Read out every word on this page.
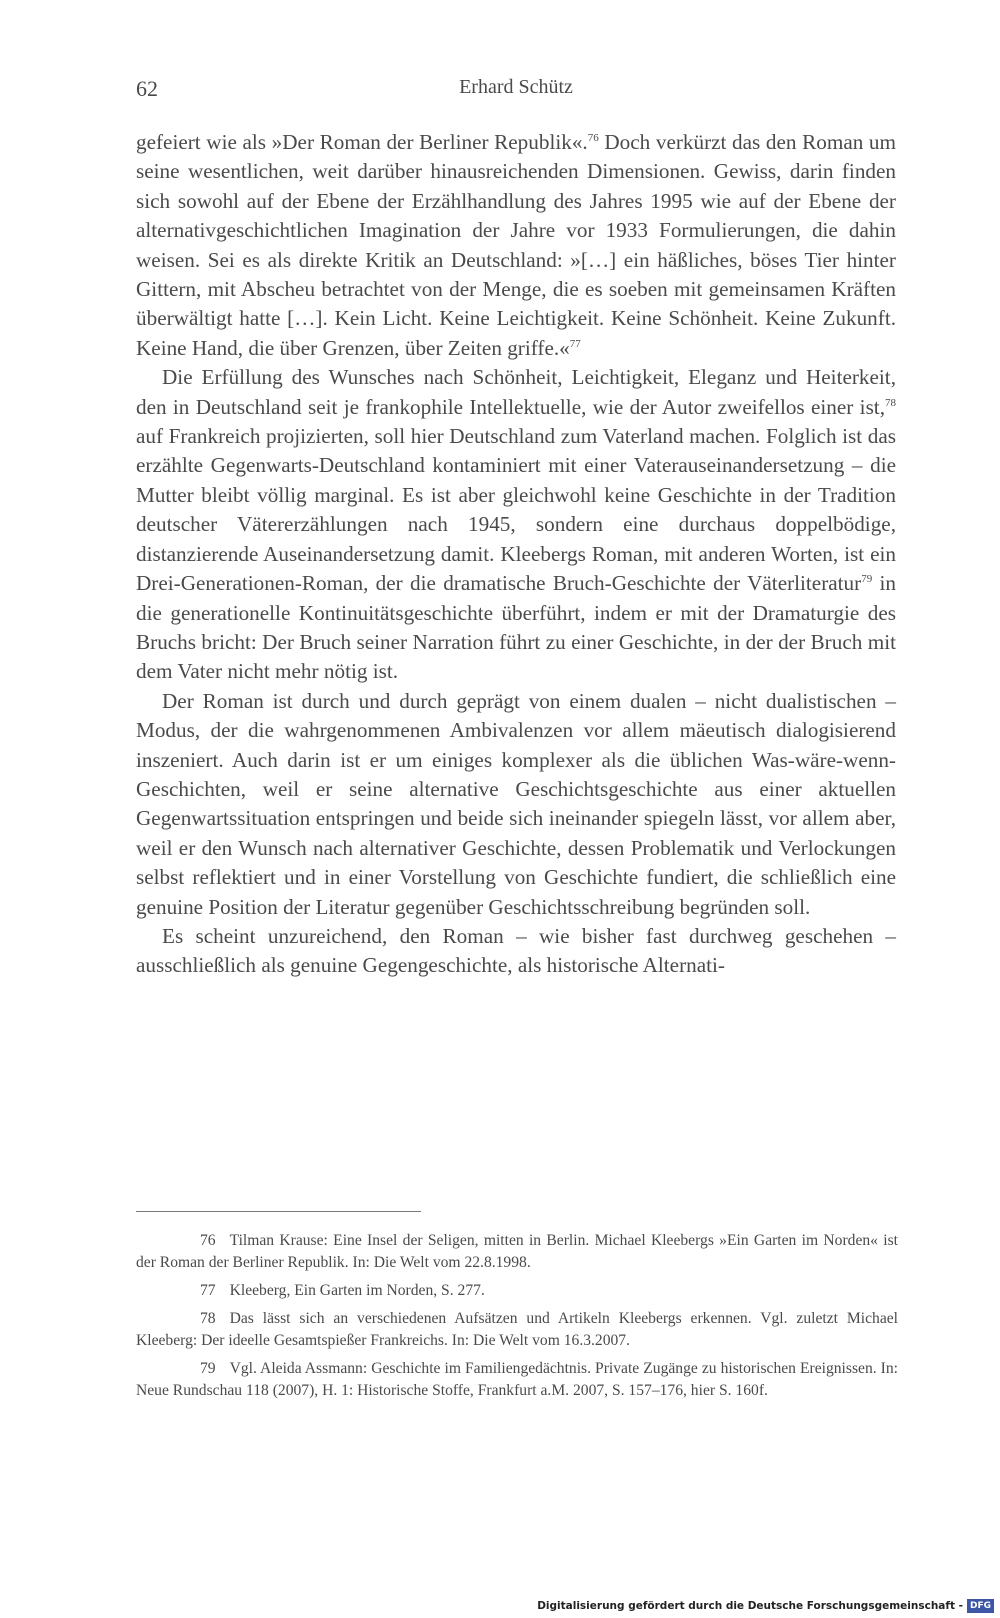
62	Erhard Schütz

gefeiert wie als »Der Roman der Berliner Republik«.$^{76}$ Doch verkürzt das den Roman um seine wesentlichen, weit darüber hinausreichenden Dimensionen. Gewiss, darin finden sich sowohl auf der Ebene der Erzählhandlung des Jahres 1995 wie auf der Ebene der alternativgeschichtlichen Imagination der Jahre vor 1933 Formulierungen, die dahin weisen. Sei es als direkte Kritik an Deutschland: »[…] ein häßliches, böses Tier hinter Gittern, mit Abscheu betrachtet von der Menge, die es soeben mit gemeinsamen Kräften überwältigt hatte […]. Kein Licht. Keine Leichtigkeit. Keine Schönheit. Keine Zukunft. Keine Hand, die über Grenzen, über Zeiten griffe.«$^{77}$

Die Erfüllung des Wunsches nach Schönheit, Leichtigkeit, Eleganz und Heiterkeit, den in Deutschland seit je frankophile Intellektuelle, wie der Autor zweifellos einer ist,$^{78}$ auf Frankreich projizierten, soll hier Deutschland zum Vaterland machen. Folglich ist das erzählte Gegenwarts-Deutschland kontaminiert mit einer Vaterauseinandersetzung – die Mutter bleibt völlig marginal. Es ist aber gleichwohl keine Geschichte in der Tradition deutscher Vätererzählungen nach 1945, sondern eine durchaus doppelbödige, distanzierende Auseinandersetzung damit. Kleebergs Roman, mit anderen Worten, ist ein Drei-Generationen-Roman, der die dramatische Bruch-Geschichte der Väterliteratur$^{79}$ in die generationelle Kontinuitätsgeschichte überführt, indem er mit der Dramaturgie des Bruchs bricht: Der Bruch seiner Narration führt zu einer Geschichte, in der der Bruch mit dem Vater nicht mehr nötig ist.

Der Roman ist durch und durch geprägt von einem dualen – nicht dualistischen – Modus, der die wahrgenommenen Ambivalenzen vor allem mäeutisch dialogisierend inszeniert. Auch darin ist er um einiges komplexer als die üblichen Was-wäre-wenn-Geschichten, weil er seine alternative Geschichtsgeschichte aus einer aktuellen Gegenwartssituation entspringen und beide sich ineinander spiegeln lässt, vor allem aber, weil er den Wunsch nach alternativer Geschichte, dessen Problematik und Verlockungen selbst reflektiert und in einer Vorstellung von Geschichte fundiert, die schließlich eine genuine Position der Literatur gegenüber Geschichtsschreibung begründen soll.

Es scheint unzureichend, den Roman – wie bisher fast durchweg geschehen – ausschließlich als genuine Gegengeschichte, als historische Alternati-

76 Tilman Krause: Eine Insel der Seligen, mitten in Berlin. Michael Kleebergs »Ein Garten im Norden« ist der Roman der Berliner Republik. In: Die Welt vom 22.8.1998.

77 Kleeberg, Ein Garten im Norden, S. 277.

78 Das lässt sich an verschiedenen Aufsätzen und Artikeln Kleebergs erkennen. Vgl. zuletzt Michael Kleeberg: Der ideelle Gesamtspießer Frankreichs. In: Die Welt vom 16.3.2007.

79 Vgl. Aleida Assmann: Geschichte im Familiengedächtnis. Private Zugänge zu historischen Ereignissen. In: Neue Rundschau 118 (2007), H. 1: Historische Stoffe, Frankfurt a.M. 2007, S. 157–176, hier S. 160f.

Digitalisierung gefördert durch die Deutsche Forschungsgemeinschaft - DFG
